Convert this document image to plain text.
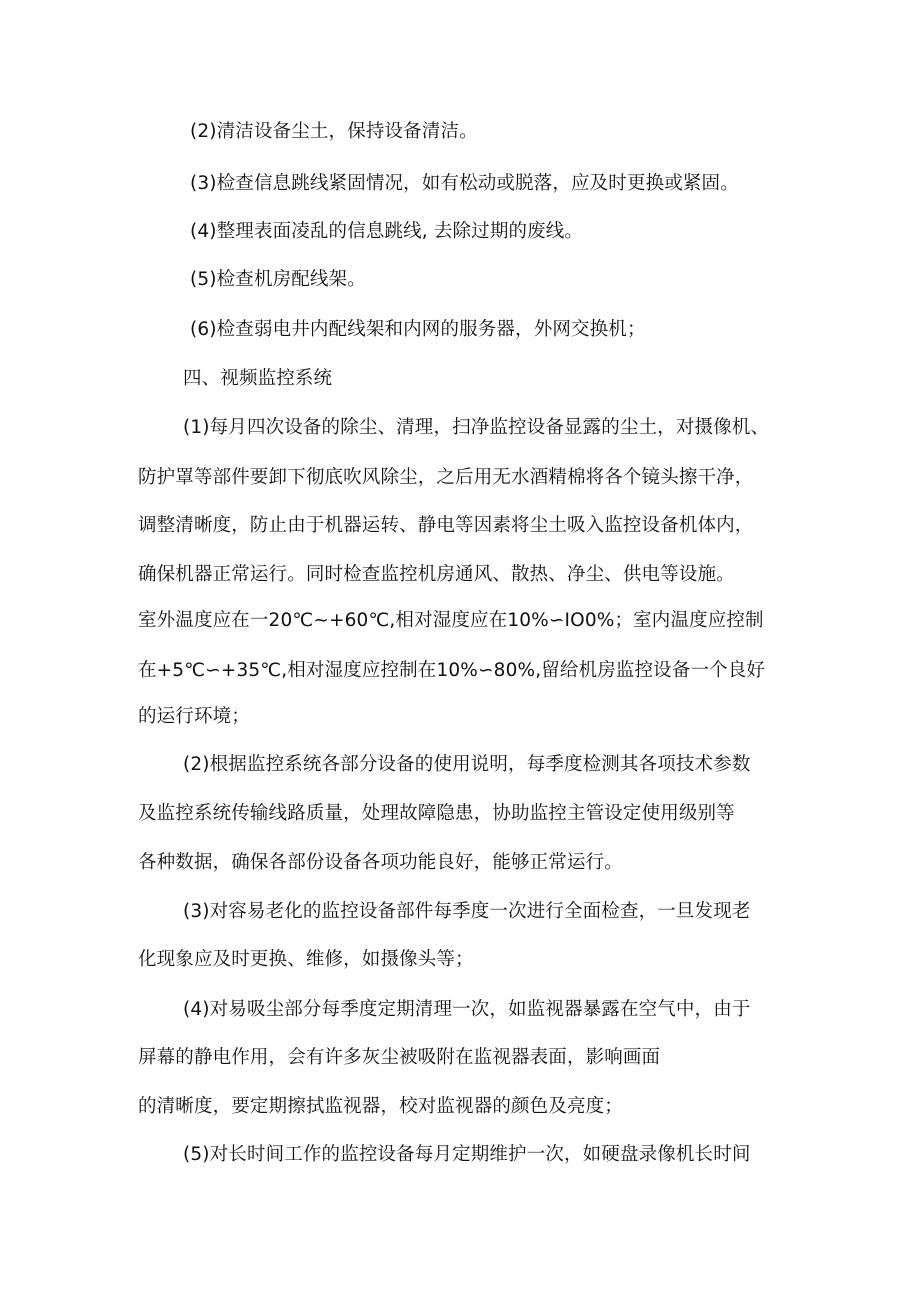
(2)清洁设备尘土，保持设备清洁。
(3)检查信息跳线紧固情况，如有松动或脱落，应及时更换或紧固。
(4)整理表面凌乱的信息跳线, 去除过期的废线。
(5)检查机房配线架。
(6)检查弱电井内配线架和内网的服务器，外网交换机；
四、视频监控系统
(1)每月四次设备的除尘、清理，扫净监控设备显露的尘土，对摄像机、
防护罩等部件要卸下彻底吹风除尘，之后用无水酒精棉将各个镜头擦干净，
调整清晰度，防止由于机器运转、静电等因素将尘土吸入监控设备机体内，
确保机器正常运行。同时检查监控机房通风、散热、净尘、供电等设施。
室外温度应在一20℃~+60℃,相对湿度应在10%∽IO0%；室内温度应控制
在+5℃∽+35℃,相对湿度应控制在10%∽80%,留给机房监控设备一个良好
的运行环境；
(2)根据监控系统各部分设备的使用说明，每季度检测其各项技术参数
及监控系统传输线路质量，处理故障隐患，协助监控主管设定使用级别等
各种数据，确保各部份设备各项功能良好，能够正常运行。
(3)对容易老化的监控设备部件每季度一次进行全面检查，一旦发现老
化现象应及时更换、维修，如摄像头等；
(4)对易吸尘部分每季度定期清理一次，如监视器暴露在空气中，由于
屏幕的静电作用，会有许多灰尘被吸附在监视器表面，影响画面
的清晰度，要定期擦拭监视器，校对监视器的颜色及亮度；
(5)对长时间工作的监控设备每月定期维护一次，如硬盘录像机长时间
